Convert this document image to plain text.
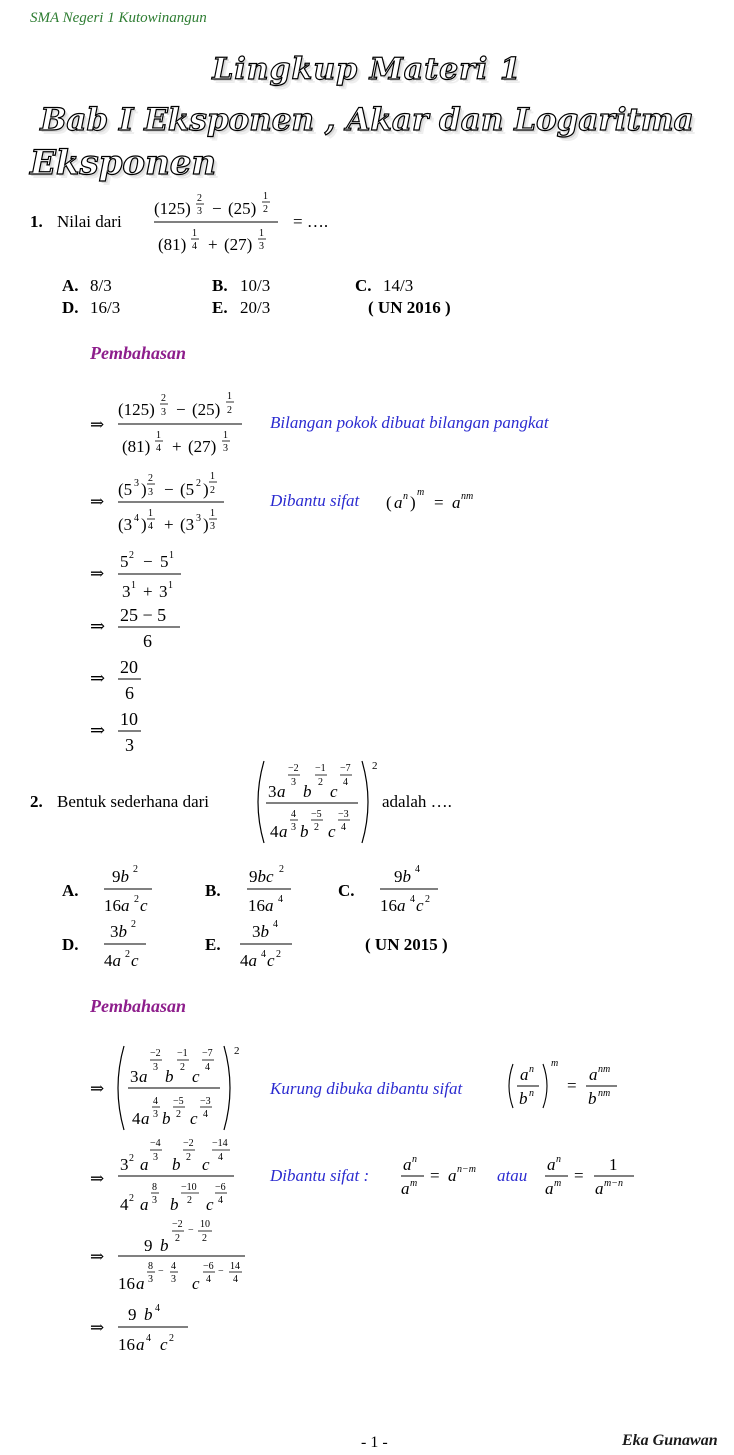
SMA Negeri 1 Kutowinangun
Lingkup Materi 1
Bab I Eksponen , Akar dan Logaritma
Eksponen
1. Nilai dari
(125)
2
3 − (25)
1
2
(81)
1
4 + (27)
1
3
= ….
A. 8/3	B. 10/3	C. 14/3
D. 16/3	E. 20/3	( UN 2016 )
Pembahasan
⇒
(125)
2
3 − (25)
1
2
(81)
1
4 + (27)
1
3
Bilangan pokok dibuat bilangan pangkat
⇒
(5 3 )
2
3 − (5 2 )
1
2
(3 4 )
1
4 + (3 3 )
1
3
Dibantu sifat ( a n )
m
= a nm
⇒
5 2 − 5 1
3 1 + 3 1
⇒
25 − 5
6
⇒
20
6
⇒
10
3
2. Bentuk sederhana dari
2
3 a
−2
3 b
−1
2 c
−7
4
4 a
4
3 b
−5
2 c
−3
4
adalah ….
A.
9b 2
16a 2 c
B.
9bc 2
16a 4	C.
9b 4
16a 4 c 2
D.
3b 2
4a 2 c
E.
3b 4
4a 4 c 2
( UN 2015 )
Pembahasan
⇒
2
3 a
−2
3 b
−1
2 c
−7
4
4 a
4
3 b
−5
2 c
−3
4
Kurung dibuka dibantu sifat
a n
b n
m
=
a nm
b nm
⇒
3 2 a
−4
3 b
−2
2 c
−14
4
4 2 a
8
3 b
−10
2 c
−6
4
Dibantu sifat :
a n
a m = a n−m atau
a n
a m =
1
a m−n
⇒
9 b
−2
2
−
10
2
16 a
8
3
− 4
3 c
−6
4
− 14
4
⇒
9 b 4
16 a 4 c 2
- 1 -	Eka Gunawan
